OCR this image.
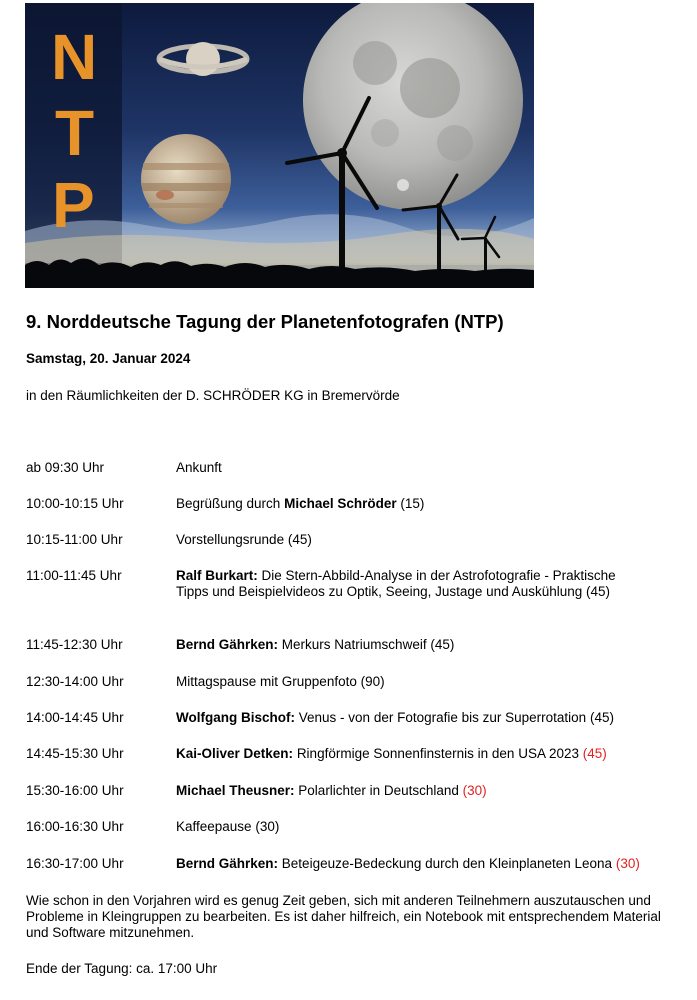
N
T
P
9. Norddeutsche Tagung der Planetenfotografen (NTP)
Samstag, 20. Januar 2024
in den Räumlichkeiten der D. SCHRÖDER KG in Bremervörde
ab 09:30 Uhr	Ankunft
10:00-10:15 Uhr	Begrüßung durch Michael Schröder (15)
10:15-11:00 Uhr	Vorstellungsrunde (45)
11:00-11:45 Uhr	Ralf Burkart: Die Stern-Abbild-Analyse in der Astrofotografie - Praktische Tipps und Beispielvideos zu Optik, Seeing, Justage und Auskühlung (45)
11:45-12:30 Uhr	Bernd Gährken: Merkurs Natriumschweif (45)
12:30-14:00 Uhr	Mittagspause mit Gruppenfoto (90)
14:00-14:45 Uhr	Wolfgang Bischof: Venus - von der Fotografie bis zur Superrotation (45)
14:45-15:30 Uhr	Kai-Oliver Detken: Ringförmige Sonnenfinsternis in den USA 2023 (45)
15:30-16:00 Uhr	Michael Theusner: Polarlichter in Deutschland (30)
16:00-16:30 Uhr	Kaffeepause (30)
16:30-17:00 Uhr	Bernd Gährken: Beteigeuze-Bedeckung durch den Kleinplaneten Leona (30)
Wie schon in den Vorjahren wird es genug Zeit geben, sich mit anderen Teilnehmern auszutauschen und Probleme in Kleingruppen zu bearbeiten. Es ist daher hilfreich, ein Notebook mit entsprechendem Material und Software mitzunehmen.
Ende der Tagung: ca. 17:00 Uhr
